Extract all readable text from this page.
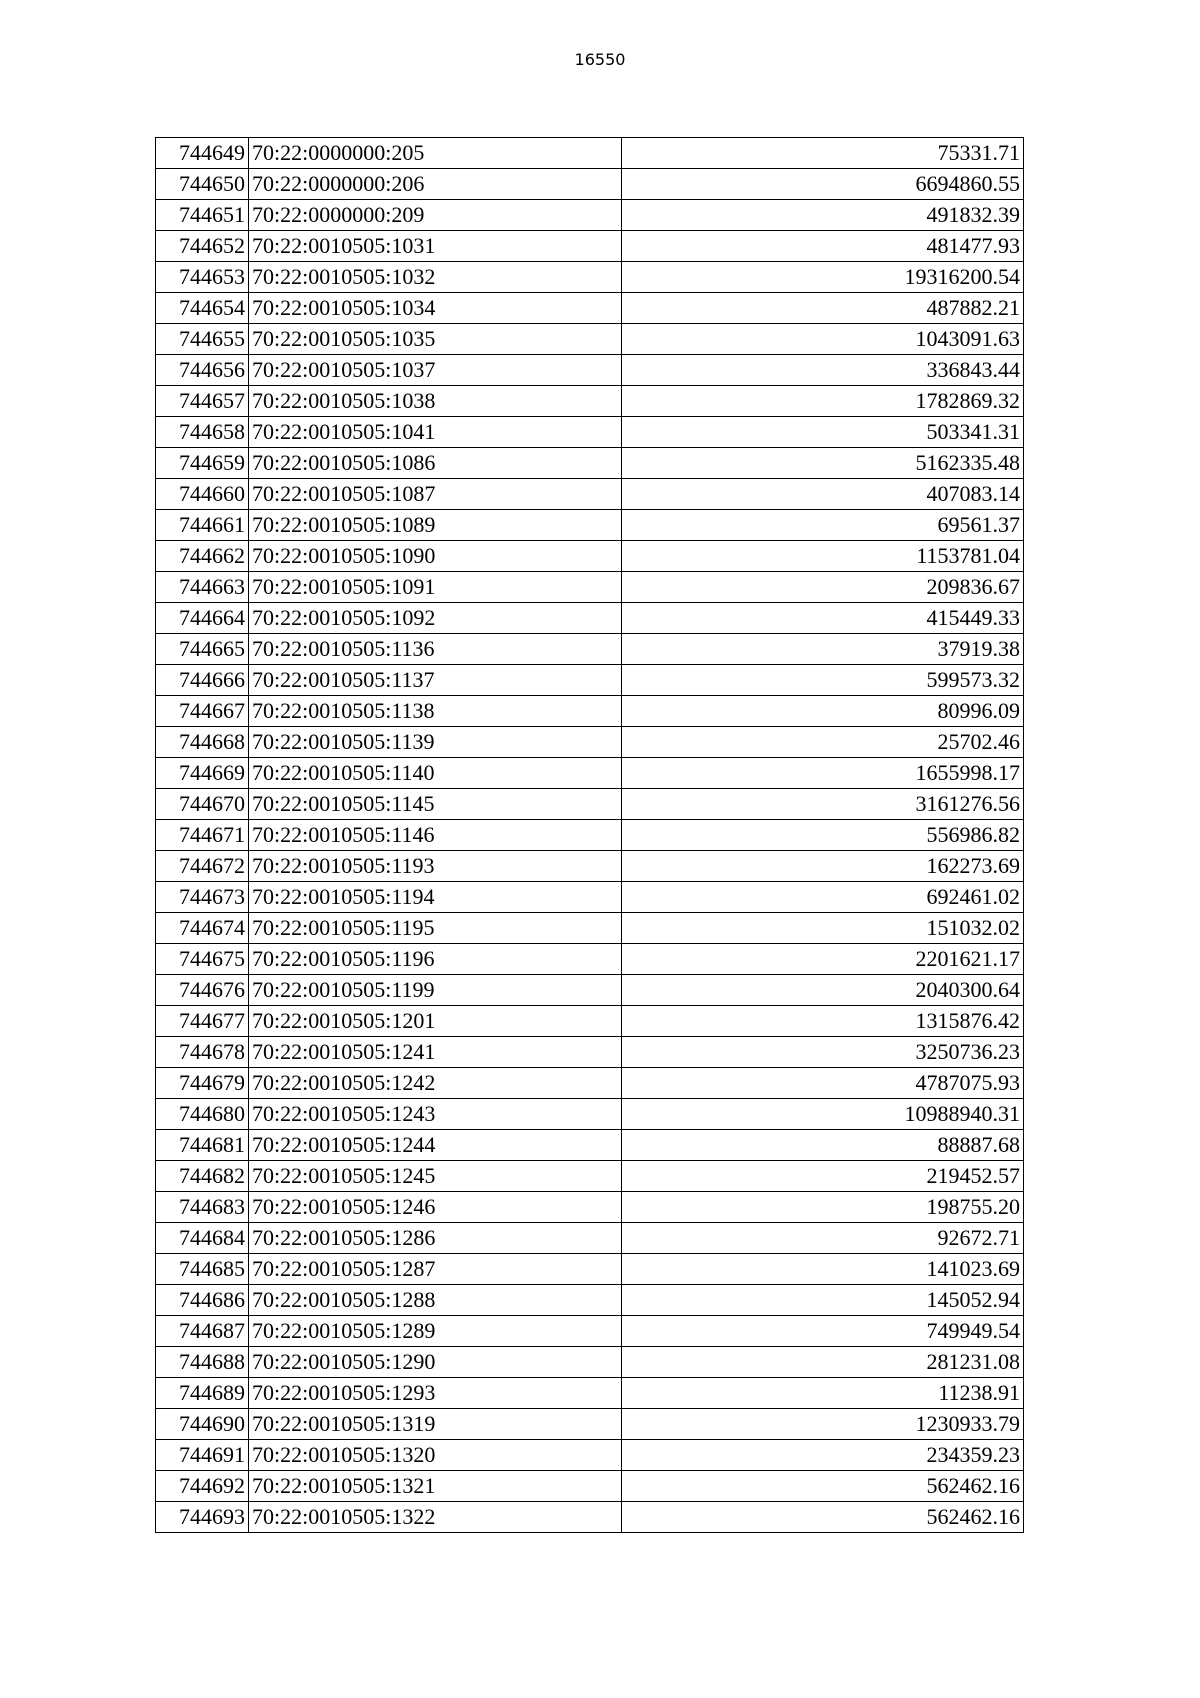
16550
744649	70:22:0000000:205	75331.71
744650	70:22:0000000:206	6694860.55
744651	70:22:0000000:209	491832.39
744652	70:22:0010505:1031	481477.93
744653	70:22:0010505:1032	19316200.54
744654	70:22:0010505:1034	487882.21
744655	70:22:0010505:1035	1043091.63
744656	70:22:0010505:1037	336843.44
744657	70:22:0010505:1038	1782869.32
744658	70:22:0010505:1041	503341.31
744659	70:22:0010505:1086	5162335.48
744660	70:22:0010505:1087	407083.14
744661	70:22:0010505:1089	69561.37
744662	70:22:0010505:1090	1153781.04
744663	70:22:0010505:1091	209836.67
744664	70:22:0010505:1092	415449.33
744665	70:22:0010505:1136	37919.38
744666	70:22:0010505:1137	599573.32
744667	70:22:0010505:1138	80996.09
744668	70:22:0010505:1139	25702.46
744669	70:22:0010505:1140	1655998.17
744670	70:22:0010505:1145	3161276.56
744671	70:22:0010505:1146	556986.82
744672	70:22:0010505:1193	162273.69
744673	70:22:0010505:1194	692461.02
744674	70:22:0010505:1195	151032.02
744675	70:22:0010505:1196	2201621.17
744676	70:22:0010505:1199	2040300.64
744677	70:22:0010505:1201	1315876.42
744678	70:22:0010505:1241	3250736.23
744679	70:22:0010505:1242	4787075.93
744680	70:22:0010505:1243	10988940.31
744681	70:22:0010505:1244	88887.68
744682	70:22:0010505:1245	219452.57
744683	70:22:0010505:1246	198755.20
744684	70:22:0010505:1286	92672.71
744685	70:22:0010505:1287	141023.69
744686	70:22:0010505:1288	145052.94
744687	70:22:0010505:1289	749949.54
744688	70:22:0010505:1290	281231.08
744689	70:22:0010505:1293	11238.91
744690	70:22:0010505:1319	1230933.79
744691	70:22:0010505:1320	234359.23
744692	70:22:0010505:1321	562462.16
744693	70:22:0010505:1322	562462.16
